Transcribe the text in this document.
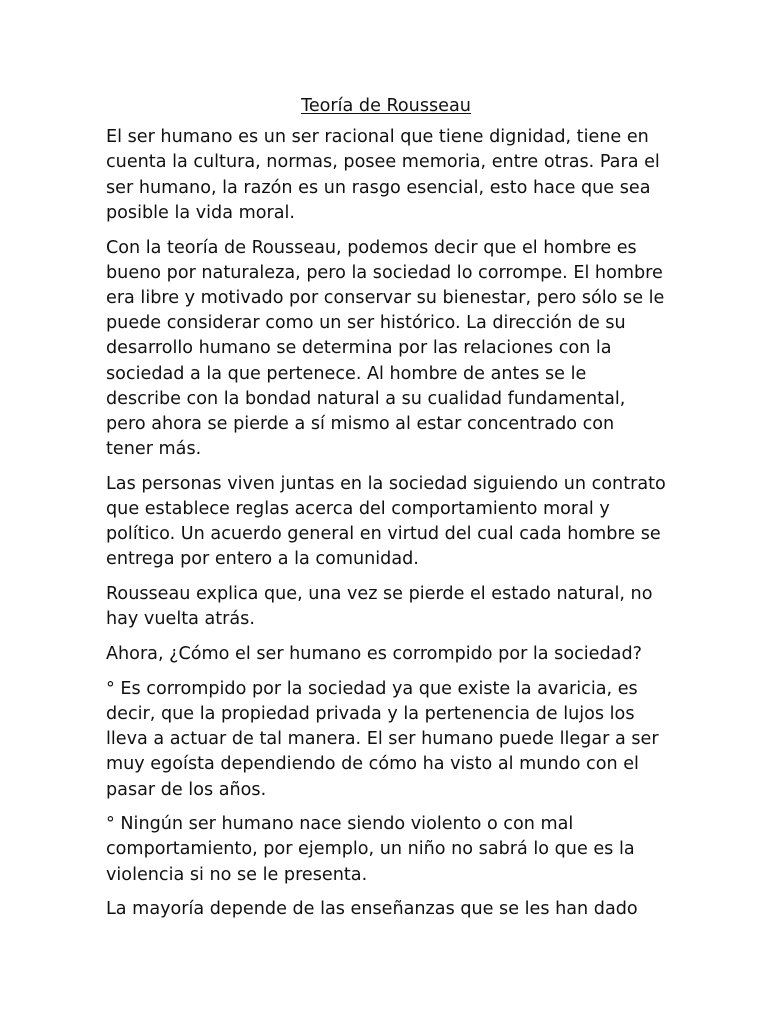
Teoría de Rousseau

El ser humano es un ser racional que tiene dignidad, tiene en cuenta la cultura, normas, posee memoria, entre otras. Para el ser humano, la razón es un rasgo esencial, esto hace que sea posible la vida moral.

Con la teoría de Rousseau, podemos decir que el hombre es bueno por naturaleza, pero la sociedad lo corrompe. El hombre era libre y motivado por conservar su bienestar, pero sólo se le puede considerar como un ser histórico. La dirección de su desarrollo humano se determina por las relaciones con la sociedad a la que pertenece. Al hombre de antes se le describe con la bondad natural a su cualidad fundamental, pero ahora se pierde a sí mismo al estar concentrado con tener más.

Las personas viven juntas en la sociedad siguiendo un contrato que establece reglas acerca del comportamiento moral y político. Un acuerdo general en virtud del cual cada hombre se entrega por entero a la comunidad.

Rousseau explica que, una vez se pierde el estado natural, no hay vuelta atrás.

Ahora, ¿Cómo el ser humano es corrompido por la sociedad?

° Es corrompido por la sociedad ya que existe la avaricia, es decir, que la propiedad privada y la pertenencia de lujos los lleva a actuar de tal manera. El ser humano puede llegar a ser muy egoísta dependiendo de cómo ha visto al mundo con el pasar de los años.

° Ningún ser humano nace siendo violento o con mal comportamiento, por ejemplo, un niño no sabrá lo que es la violencia si no se le presenta.

La mayoría depende de las enseñanzas que se les han dado
